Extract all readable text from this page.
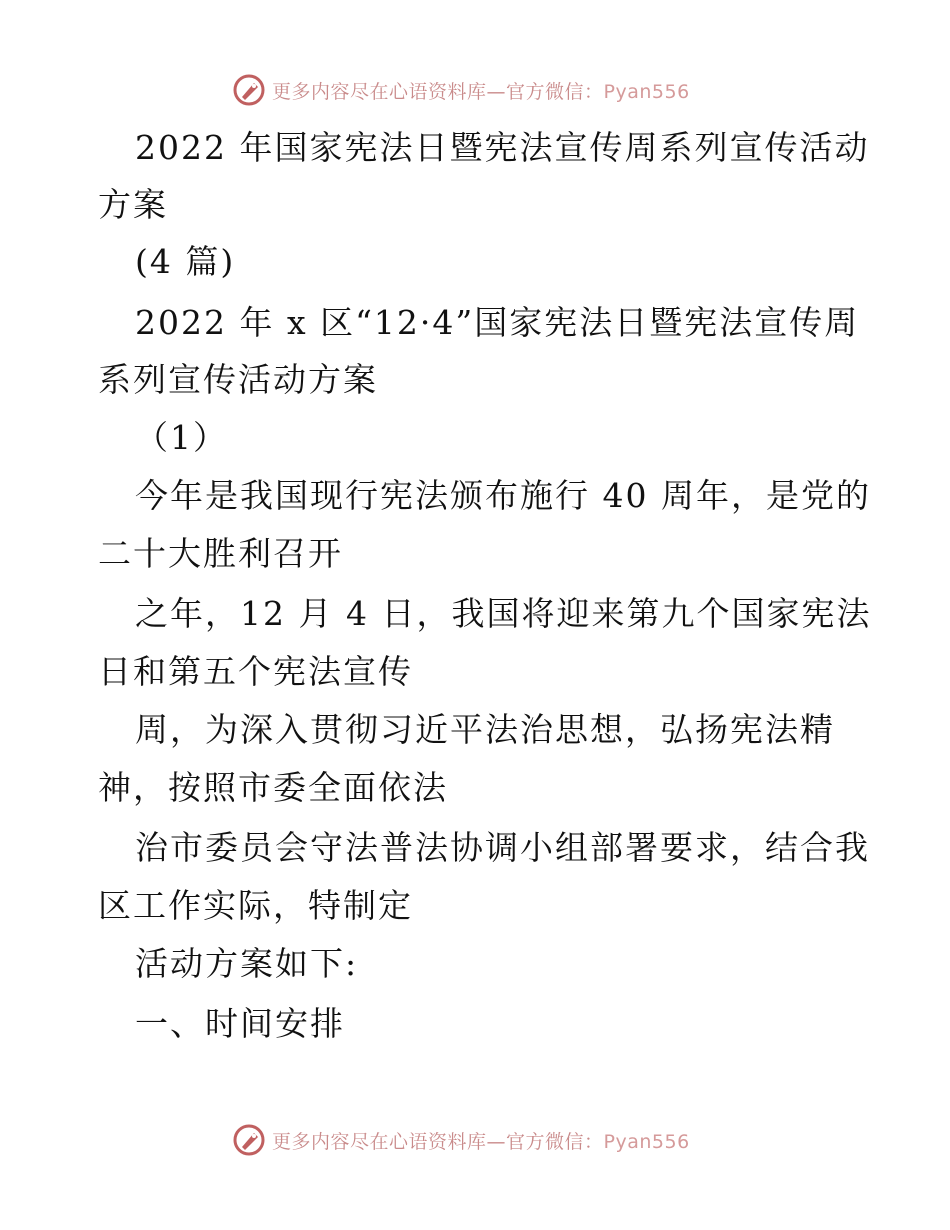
更多内容尽在心语资料库—官方微信：Pyan556
2022 年国家宪法日暨宪法宣传周系列宣传活动
方案
(4 篇)
2022 年 x 区“12·4”国家宪法日暨宪法宣传周
系列宣传活动方案
（1）
今年是我国现行宪法颁布施行 40 周年，是党的
二十大胜利召开
之年，12 月 4 日，我国将迎来第九个国家宪法
日和第五个宪法宣传
周，为深入贯彻习近平法治思想，弘扬宪法精
神，按照市委全面依法
治市委员会守法普法协调小组部署要求，结合我
区工作实际，特制定
活动方案如下:
一、时间安排
更多内容尽在心语资料库—官方微信：Pyan556
